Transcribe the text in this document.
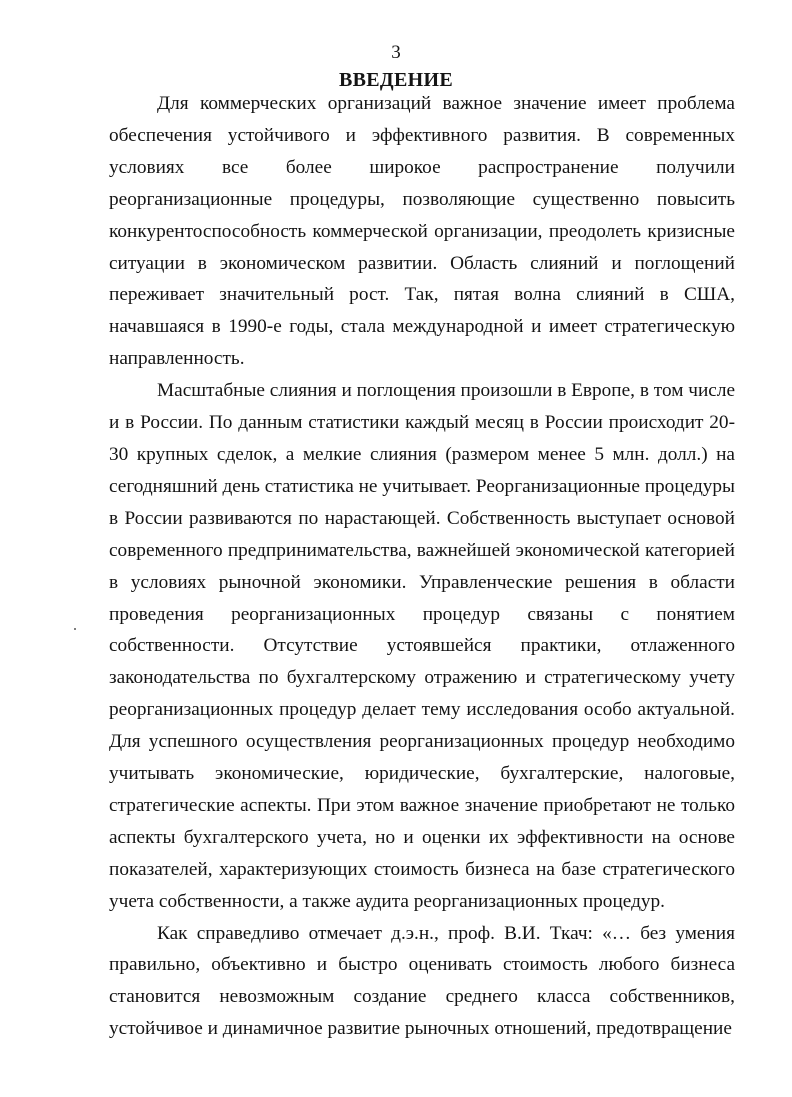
3
ВВЕДЕНИЕ

Для коммерческих организаций важное значение имеет проблема обеспечения устойчивого и эффективного развития. В современных условиях все более широкое распространение получили реорганизационные процедуры, позволяющие существенно повысить конкурентоспособность коммерческой организации, преодолеть кризисные ситуации в экономическом развитии. Область слияний и поглощений переживает значительный рост. Так, пятая волна слияний в США, начавшаяся в 1990-е годы, стала международной и имеет стратегическую направленность.

Масштабные слияния и поглощения произошли в Европе, в том числе и в России. По данным статистики каждый месяц в России происходит 20-30 крупных сделок, а мелкие слияния (размером менее 5 млн. долл.) на сегодняшний день статистика не учитывает. Реорганизационные процедуры в России развиваются по нарастающей. Собственность выступает основой современного предпринимательства, важнейшей экономической категорией в условиях рыночной экономики. Управленческие решения в области проведения реорганизационных процедур связаны с понятием собственности. Отсутствие устоявшейся практики, отлаженного законодательства по бухгалтерскому отражению и стратегическому учету реорганизационных процедур делает тему исследования особо актуальной. Для успешного осуществления реорганизационных процедур необходимо учитывать экономические, юридические, бухгалтерские, налоговые, стратегические аспекты. При этом важное значение приобретают не только аспекты бухгалтерского учета, но и оценки их эффективности на основе показателей, характеризующих стоимость бизнеса на базе стратегического учета собственности, а также аудита реорганизационных процедур.

Как справедливо отмечает д.э.н., проф. В.И. Ткач: «… без умения правильно, объективно и быстро оценивать стоимость любого бизнеса становится невозможным создание среднего класса собственников, устойчивое и динамичное развитие рыночных отношений, предотвращение
